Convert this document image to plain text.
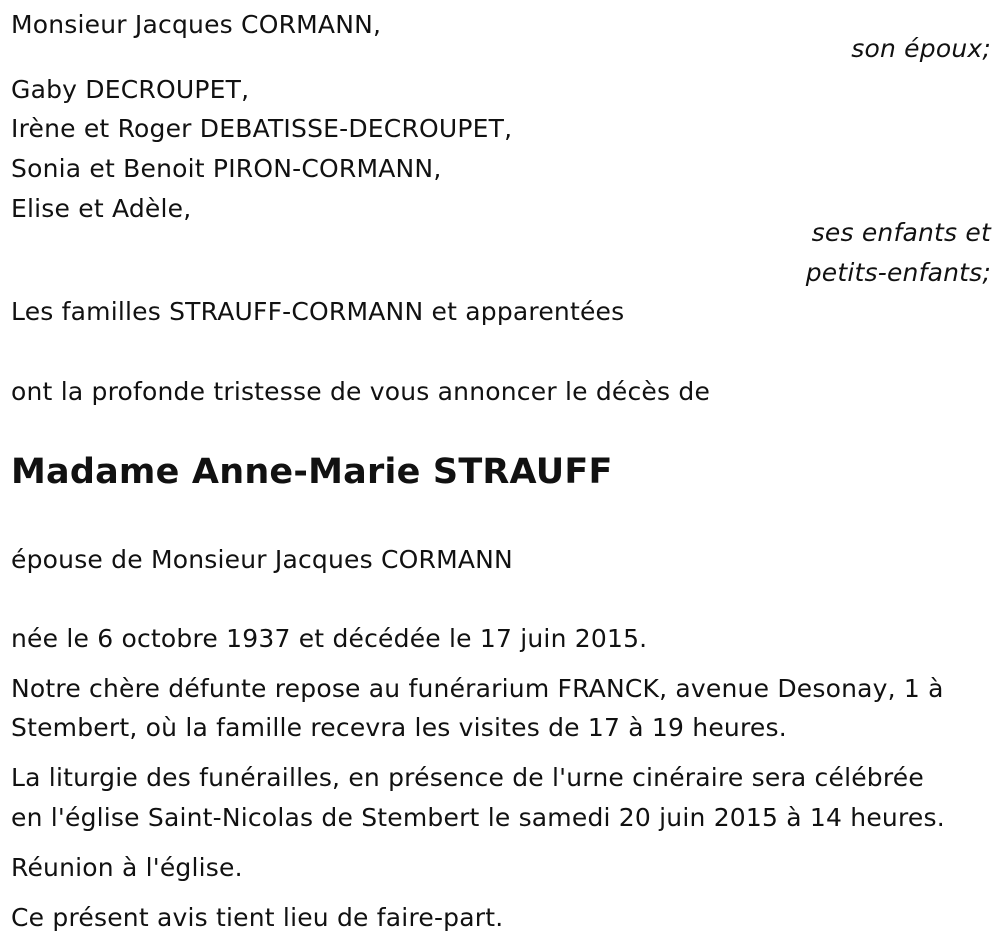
Monsieur Jacques CORMANN,
son époux;
Gaby DECROUPET,
Irène et Roger DEBATISSE-DECROUPET,
Sonia et Benoit PIRON-CORMANN,
Elise et Adèle,
ses enfants et
petits-enfants;
Les familles STRAUFF-CORMANN et apparentées
ont la profonde tristesse de vous annoncer le décès de
Madame Anne-Marie STRAUFF
épouse de Monsieur Jacques CORMANN
née le 6 octobre 1937 et décédée le 17 juin 2015.
Notre chère défunte repose au funérarium FRANCK, avenue Desonay, 1 à
Stembert, où la famille recevra les visites de 17 à 19 heures.
La liturgie des funérailles, en présence de l'urne cinéraire sera célébrée
en l'église Saint-Nicolas de Stembert le samedi 20 juin 2015 à 14 heures.
Réunion à l'église.
Ce présent avis tient lieu de faire-part.
